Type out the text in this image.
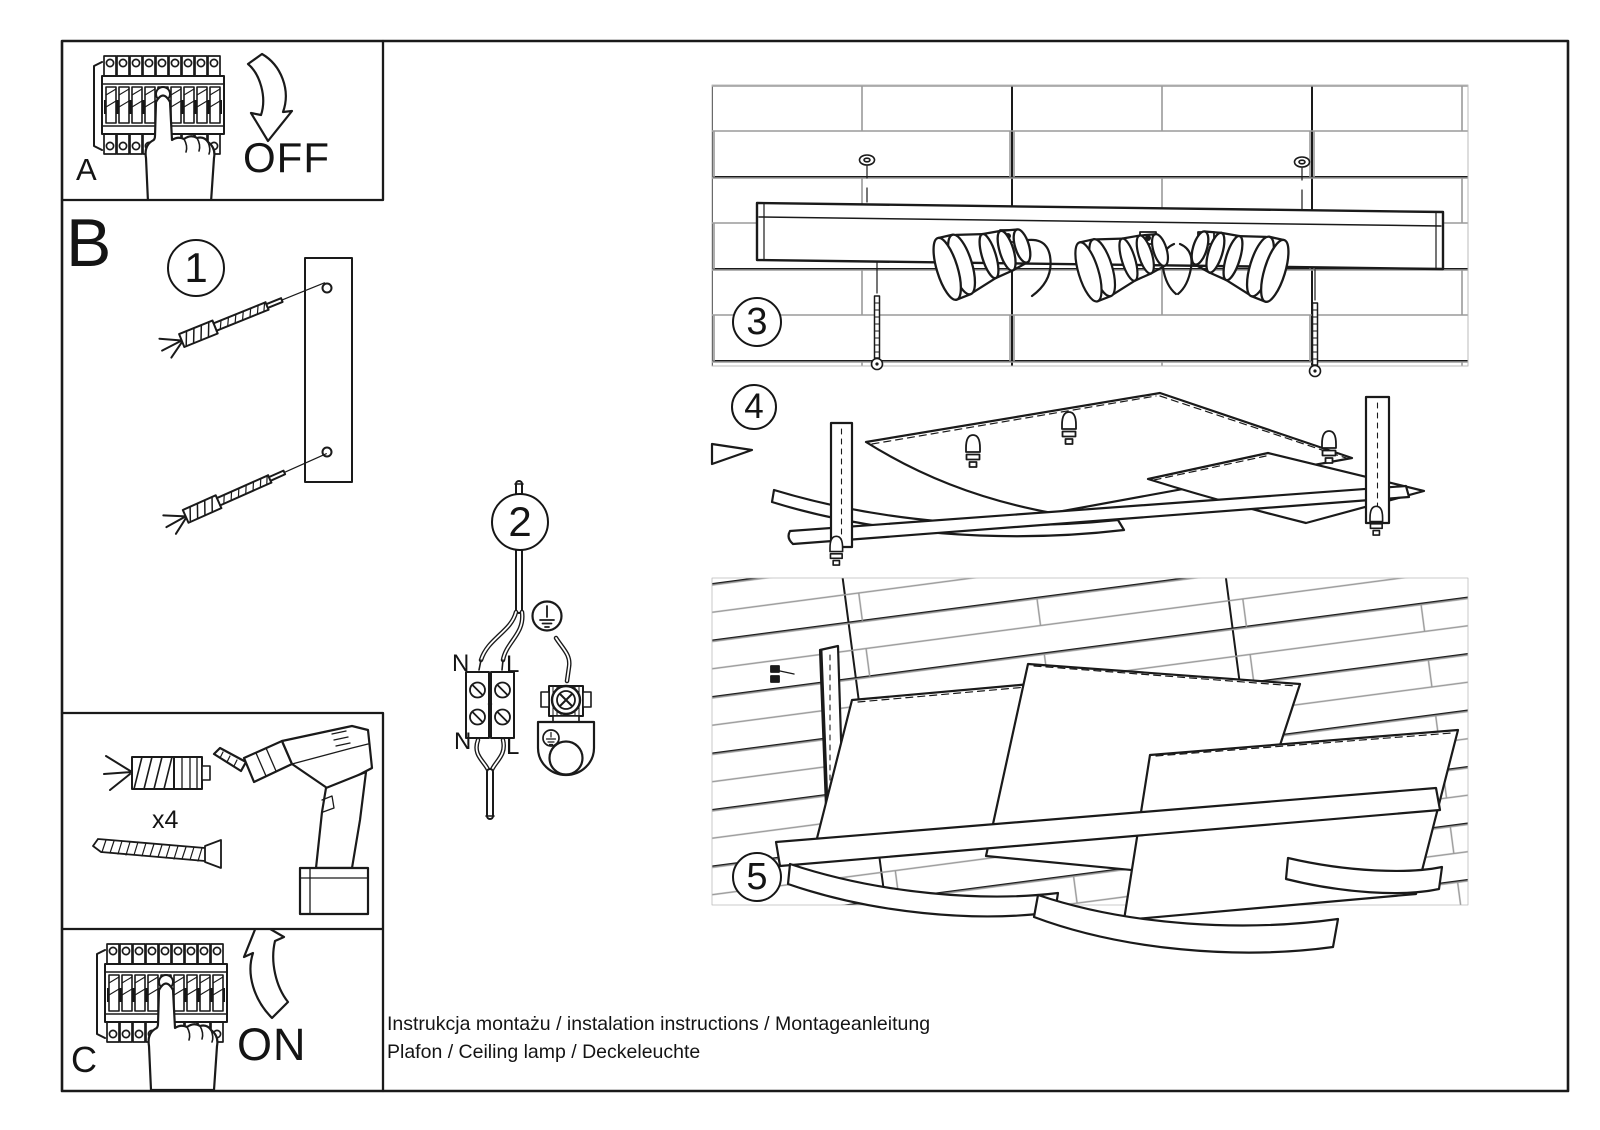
A	OFF
B
C	ON
x4
N L
N L
1
2
3
4
5
Instrukcja montażu / instalation instructions / Montageanleitung
Plafon / Ceiling lamp / Deckeleuchte
